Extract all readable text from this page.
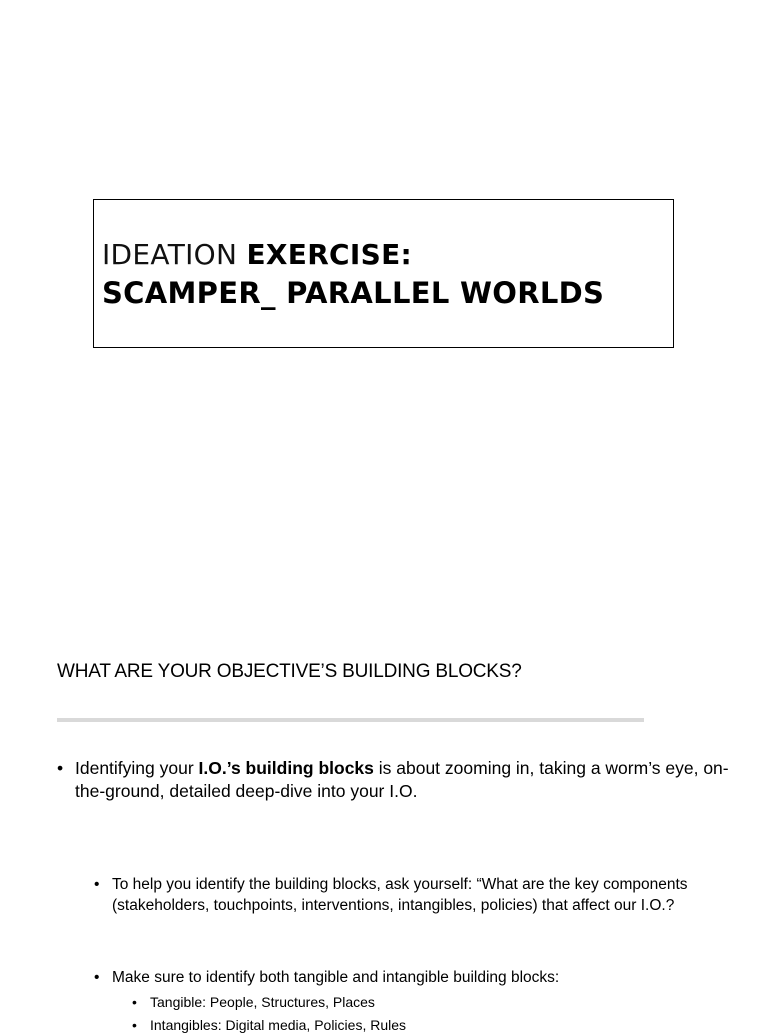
IDEATION EXERCISE:
SCAMPER_ PARALLEL WORLDS
WHAT ARE YOUR OBJECTIVE’S BUILDING BLOCKS?
• Identifying your I.O.’s building blocks is about zooming in, taking a worm’s eye, on-the-ground, detailed deep-dive into your I.O.
• To help you identify the building blocks, ask yourself: “What are the key components (stakeholders, touchpoints, interventions, intangibles, policies) that affect our I.O.?
• Make sure to identify both tangible and intangible building blocks:
• Tangible: People, Structures, Places
• Intangibles: Digital media, Policies, Rules
